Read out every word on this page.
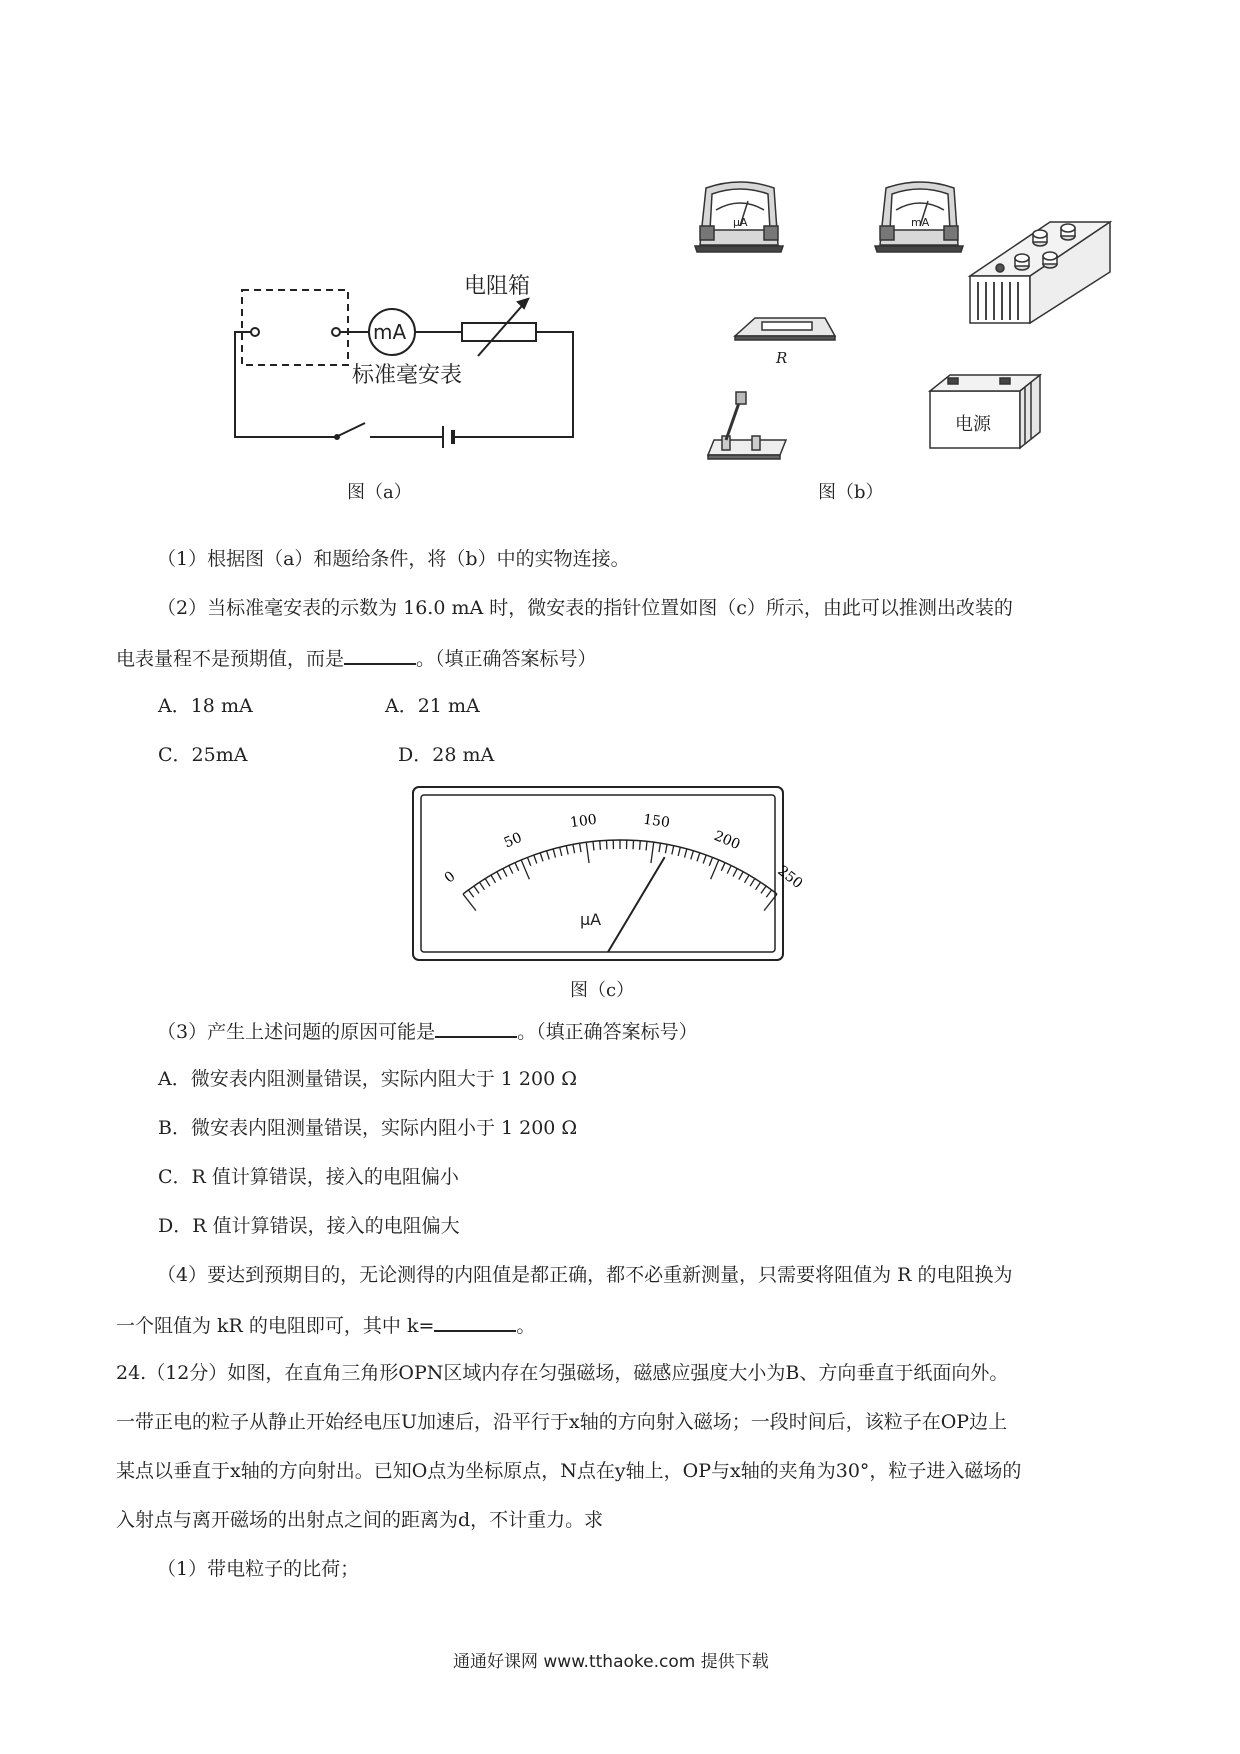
mA
电阻箱
标准毫安表
图（a）
μA	mA
R
电源
图（b）
（1）根据图（a）和题给条件，将（b）中的实物连接。
（2）当标准毫安表的示数为 16.0 mA 时，微安表的指针位置如图（c）所示，由此可以推测出改装的
电表量程不是预期值，而是	。（填正确答案标号）
A．18 mA	A．21 mA
C．25mA	D．28 mA
0
50
100	150
200
250
μA
图（c）
（3）产生上述问题的原因可能是	。（填正确答案标号）
A．微安表内阻测量错误，实际内阻大于 1 200 Ω
B．微安表内阻测量错误，实际内阻小于 1 200 Ω
C．R 值计算错误，接入的电阻偏小
D．R 值计算错误，接入的电阻偏大
（4）要达到预期目的，无论测得的内阻值是都正确，都不必重新测量，只需要将阻值为 R 的电阻换为
一个阻值为 kR 的电阻即可，其中 k=	。
24.（12分）如图，在直角三角形OPN区域内存在匀强磁场，磁感应强度大小为B、方向垂直于纸面向外。
一带正电的粒子从静止开始经电压U加速后，沿平行于x轴的方向射入磁场；一段时间后，该粒子在OP边上
某点以垂直于x轴的方向射出。已知O点为坐标原点，N点在y轴上，OP与x轴的夹角为30°，粒子进入磁场的
入射点与离开磁场的出射点之间的距离为d，不计重力。求
（1）带电粒子的比荷；
通通好课网 www.tthaoke.com 提供下载
